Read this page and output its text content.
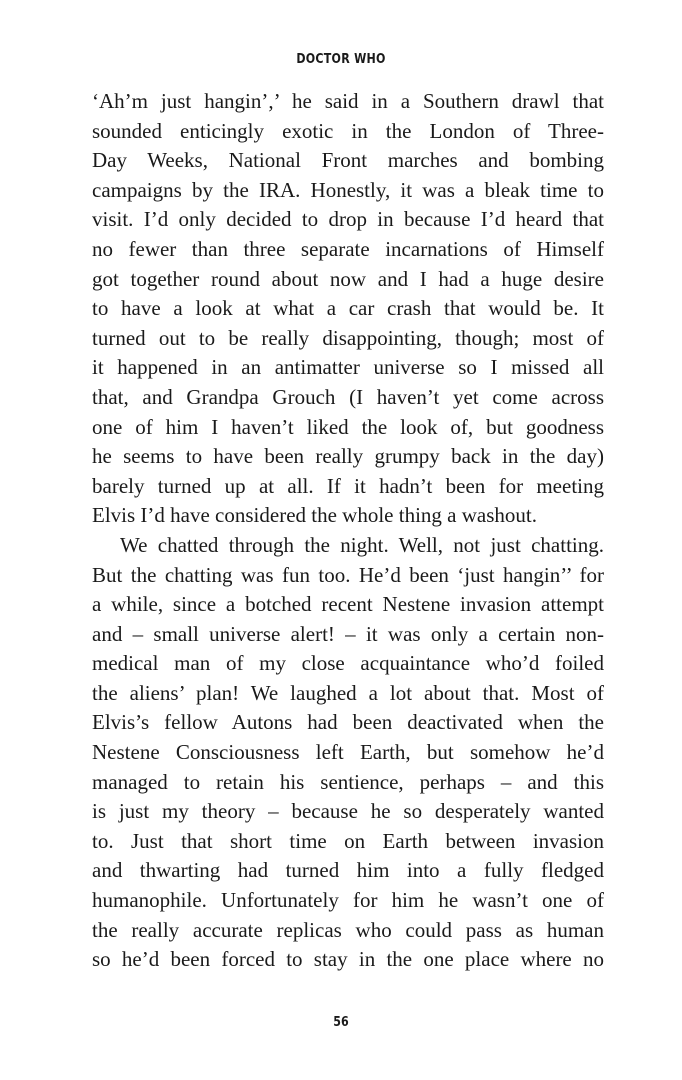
DOCTOR WHO
‘Ah’m just hangin’,’ he said in a Southern drawl that
sounded enticingly exotic in the London of Three-
Day Weeks, National Front marches and bombing
campaigns by the IRA. Honestly, it was a bleak time to
visit. I’d only decided to drop in because I’d heard that
no fewer than three separate incarnations of Himself
got together round about now and I had a huge desire
to have a look at what a car crash that would be. It
turned out to be really disappointing, though; most of
it happened in an antimatter universe so I missed all
that, and Grandpa Grouch (I haven’t yet come across
one of him I haven’t liked the look of, but goodness
he seems to have been really grumpy back in the day)
barely turned up at all. If it hadn’t been for meeting
Elvis I’d have considered the whole thing a washout.
We chatted through the night. Well, not just chatting.
But the chatting was fun too. He’d been ‘just hangin’’ for
a while, since a botched recent Nestene invasion attempt
and – small universe alert! – it was only a certain non-
medical man of my close acquaintance who’d foiled
the aliens’ plan! We laughed a lot about that. Most of
Elvis’s fellow Autons had been deactivated when the
Nestene Consciousness left Earth, but somehow he’d
managed to retain his sentience, perhaps – and this
is just my theory – because he so desperately wanted
to. Just that short time on Earth between invasion
and thwarting had turned him into a fully fledged
humanophile. Unfortunately for him he wasn’t one of
the really accurate replicas who could pass as human
so he’d been forced to stay in the one place where no
56
